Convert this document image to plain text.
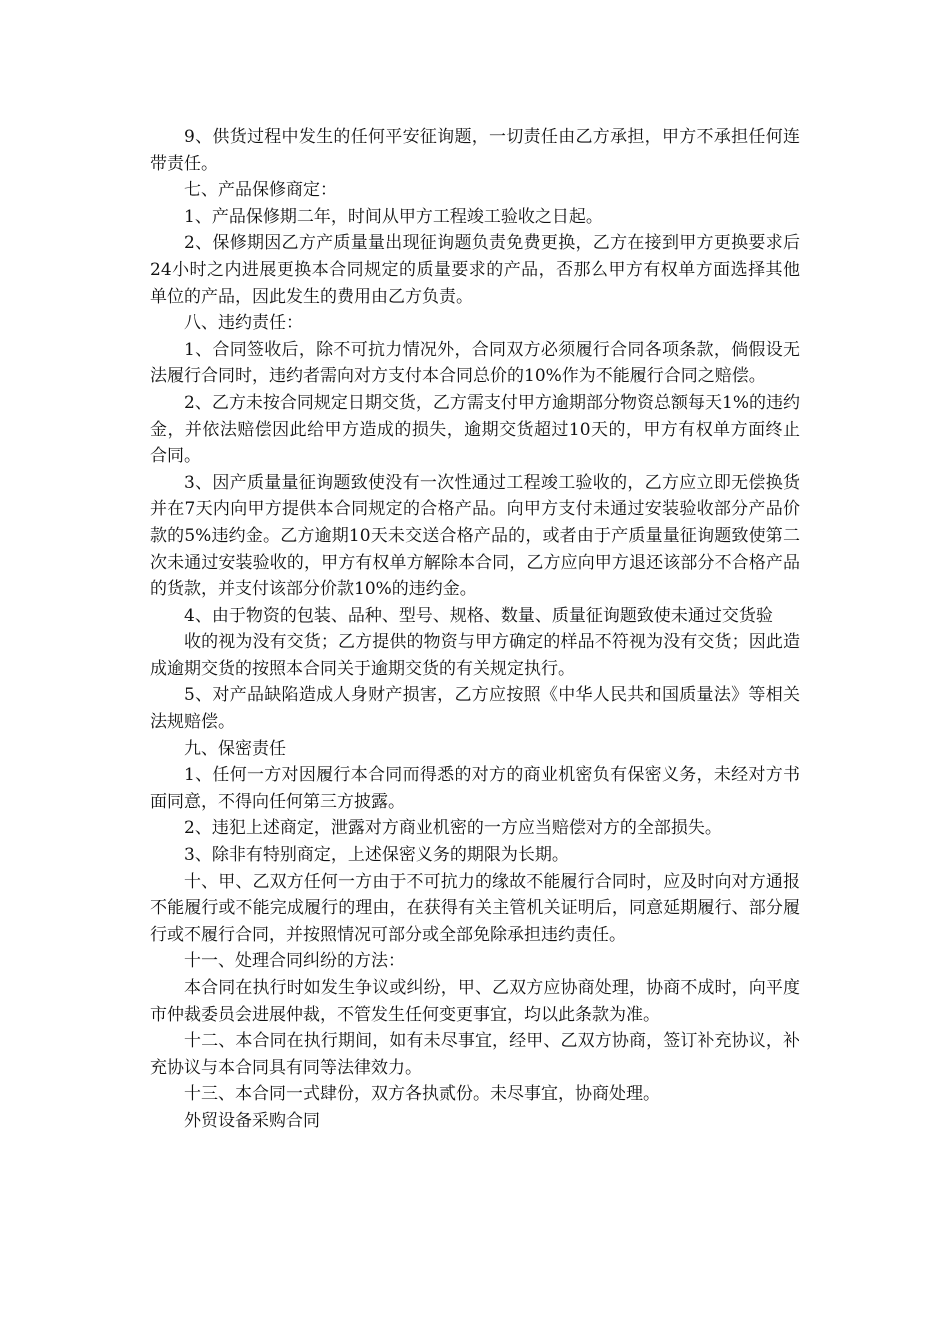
9、供货过程中发生的任何平安征询题，一切责任由乙方承担，甲方不承担任何连带责任。

七、产品保修商定：

1、产品保修期二年，时间从甲方工程竣工验收之日起。

2、保修期因乙方产质量量出现征询题负责免费更换，乙方在接到甲方更换要求后24小时之内进展更换本合同规定的质量要求的产品，否那么甲方有权单方面选择其他单位的产品，因此发生的费用由乙方负责。

八、违约责任：

1、合同签收后，除不可抗力情况外，合同双方必须履行合同各项条款，倘假设无法履行合同时，违约者需向对方支付本合同总价的10%作为不能履行合同之赔偿。

2、乙方未按合同规定日期交货，乙方需支付甲方逾期部分物资总额每天1%的违约金，并依法赔偿因此给甲方造成的损失，逾期交货超过10天的，甲方有权单方面终止合同。

3、因产质量量征询题致使没有一次性通过工程竣工验收的，乙方应立即无偿换货并在7天内向甲方提供本合同规定的合格产品。向甲方支付未通过安装验收部分产品价款的5%违约金。乙方逾期10天未交送合格产品的，或者由于产质量量征询题致使第二次未通过安装验收的，甲方有权单方解除本合同，乙方应向甲方退还该部分不合格产品的货款，并支付该部分价款10%的违约金。

4、由于物资的包装、品种、型号、规格、数量、质量征询题致使未通过交货验

收的视为没有交货；乙方提供的物资与甲方确定的样品不符视为没有交货；因此造成逾期交货的按照本合同关于逾期交货的有关规定执行。

5、对产品缺陷造成人身财产损害，乙方应按照《中华人民共和国质量法》等相关法规赔偿。

九、保密责任

1、任何一方对因履行本合同而得悉的对方的商业机密负有保密义务，未经对方书面同意，不得向任何第三方披露。

2、违犯上述商定，泄露对方商业机密的一方应当赔偿对方的全部损失。

3、除非有特别商定，上述保密义务的期限为长期。

十、甲、乙双方任何一方由于不可抗力的缘故不能履行合同时，应及时向对方通报不能履行或不能完成履行的理由，在获得有关主管机关证明后，同意延期履行、部分履行或不履行合同，并按照情况可部分或全部免除承担违约责任。

十一、处理合同纠纷的方法：

本合同在执行时如发生争议或纠纷，甲、乙双方应协商处理，协商不成时，向平度市仲裁委员会进展仲裁，不管发生任何变更事宜，均以此条款为准。

十二、本合同在执行期间，如有未尽事宜，经甲、乙双方协商，签订补充协议，补充协议与本合同具有同等法律效力。

十三、本合同一式肆份，双方各执贰份。未尽事宜，协商处理。

外贸设备采购合同
